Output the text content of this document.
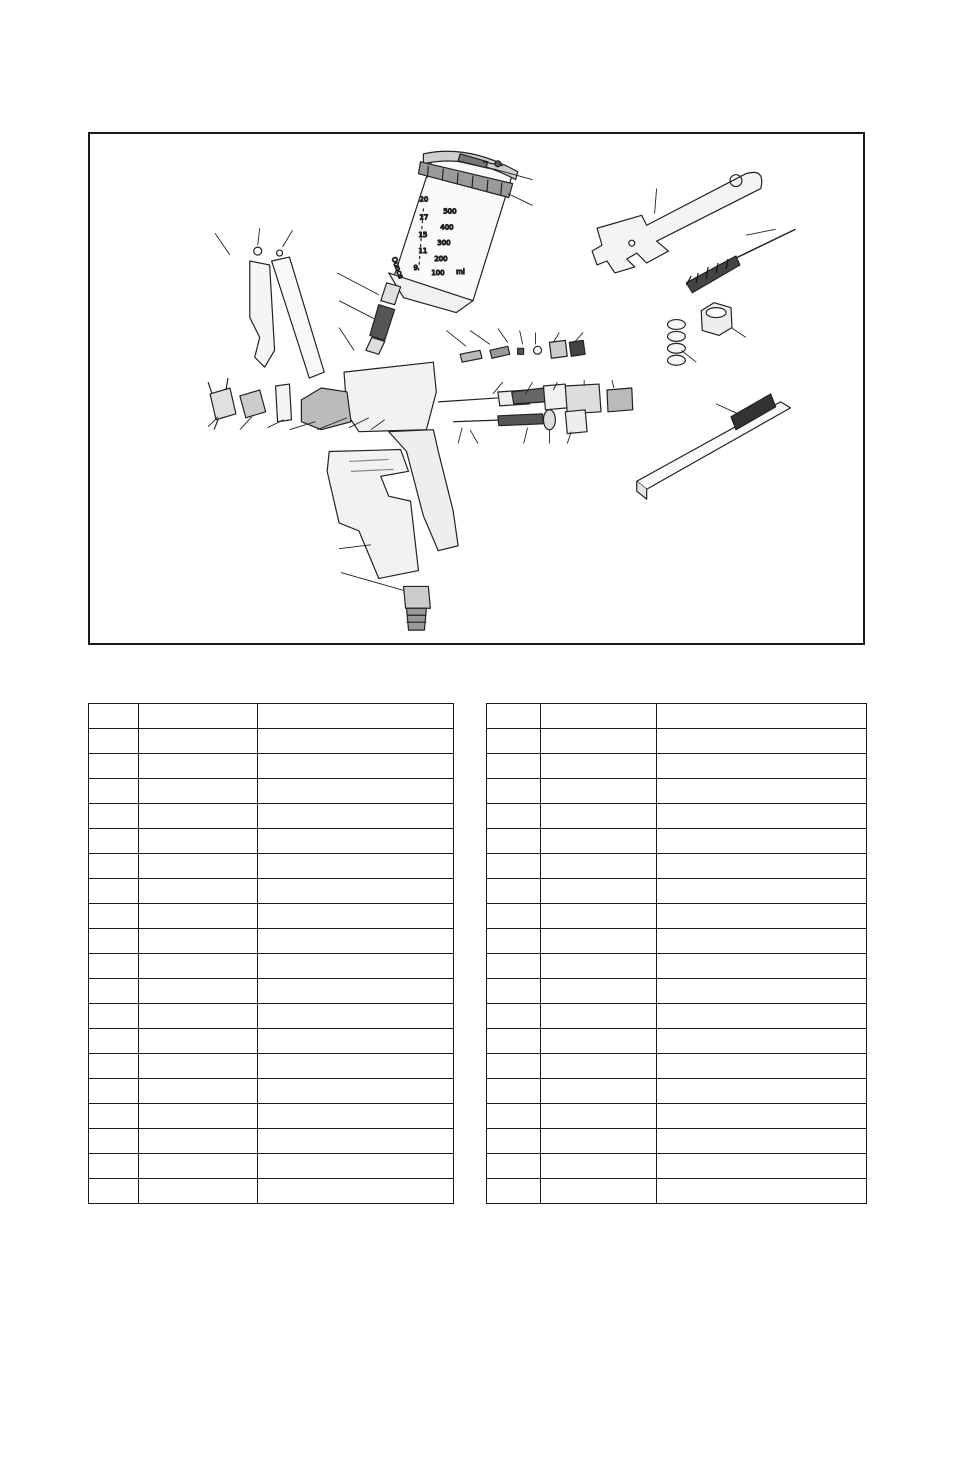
20
17
15
11
9
Ounce
500
400
300
200
100 ml
